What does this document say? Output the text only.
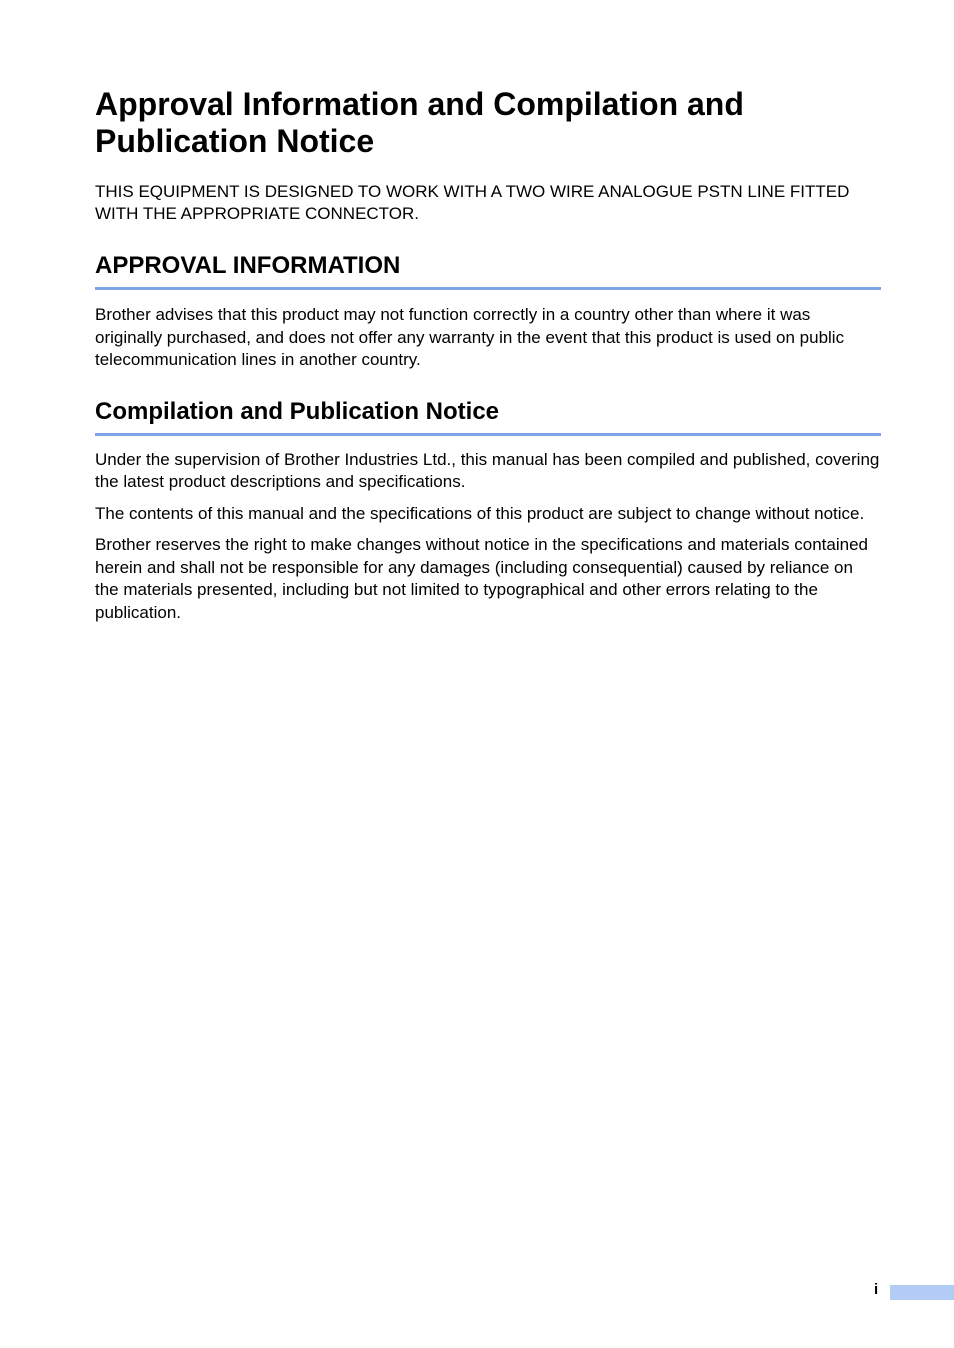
Approval Information and Compilation and Publication Notice

THIS EQUIPMENT IS DESIGNED TO WORK WITH A TWO WIRE ANALOGUE PSTN LINE FITTED WITH THE APPROPRIATE CONNECTOR.

APPROVAL INFORMATION

Brother advises that this product may not function correctly in a country other than where it was originally purchased, and does not offer any warranty in the event that this product is used on public telecommunication lines in another country.

Compilation and Publication Notice

Under the supervision of Brother Industries Ltd., this manual has been compiled and published, covering the latest product descriptions and specifications.

The contents of this manual and the specifications of this product are subject to change without notice.

Brother reserves the right to make changes without notice in the specifications and materials contained herein and shall not be responsible for any damages (including consequential) caused by reliance on the materials presented, including but not limited to typographical and other errors relating to the publication.

i
